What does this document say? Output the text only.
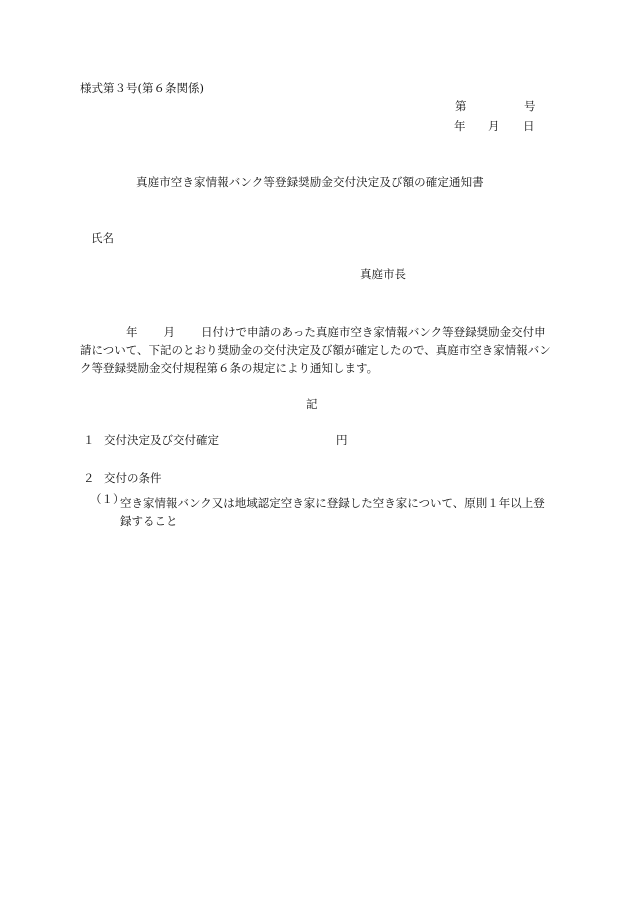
様式第３号(第６条関係)
第	号
年 月 日
真庭市空き家情報バンク等登録奨励金交付決定及び額の確定通知書
氏名
真庭市長
年 月 日付けで申請のあった真庭市空き家情報バンク等登録奨励金交付申請について、下記のとおり奨励金の交付決定及び額が確定したので、真庭市空き家情報バンク等登録奨励金交付規程第６条の規定により通知します。
記
１ 交付決定及び交付確定	円
２ 交付の条件
（１）
空き家情報バンク又は地域認定空き家に登録した空き家について、原則１年以上登録すること
